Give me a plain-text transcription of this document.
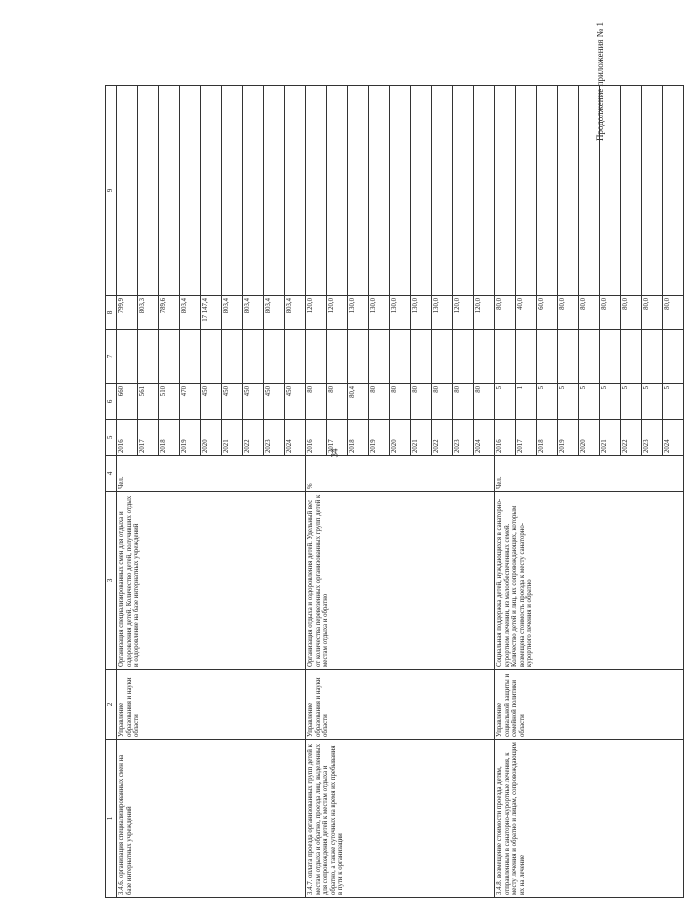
34
Продолжение приложения № 1
1	2	3	4	5	6	7	8	9	
3.4.6. организация специализированных смен на базе интернатных учреждений	Управление образования и науки области	Организация специализированных смен для отдыха и оздоровления детей. Количество детей, получивших отдых и оздоровление на базе интернатных учреждений	Чел.	2016	660		799,9		
				2017	561		803,3		
				2018	510		789,6		
				2019	470		803,4		
				2020	450		17 147,4		
				2021	450		803,4		
				2022	450		803,4		
				2023	450		803,4		
				2024	450		803,4		
3.4.7. оплата проезда организованных групп детей к местам отдыха и обратно, проезда лиц, выделенных для сопровождения детей к местам отдыха и обратно, а также суточных на время их пребывания в пути к организации	Управление образования и науки области	Организация отдыха и оздоровления детей. Удельный вес от количества перевезенных организованных групп детей к местам отдыха и обратно	%	2016	80		120,0		
				2017	80		120,0		
				2018	80,4		130,0		
				2019	80		130,0		
				2020	80		130,0		
				2021	80		130,0		
				2022	80		130,0		
				2023	80		120,0		
				2024	80		120,0		
3.4.8. возмещение стоимости проезда детям, отправленным в санаторно-курортные лечения, к месту лечения и обратно и лицам, сопровождающим их на лечение	Управление социальной защиты и семейной политики области	Социальная поддержка детей, нуждающихся в санаторно-курортном лечении, из малообеспеченных семей. Количество детей и лиц, их сопровождающих, которым возмещена стоимость проезда к месту санаторно-курортного лечения и обратно	Чел.	2016	5		80,0		
				2017	1		40,0		
				2018	5		60,0		
				2019	5		80,0		
				2020	5		80,0		
				2021	5		80,0		
				2022	5		80,0		
				2023	5		80,0		
				2024	5		80,0		
